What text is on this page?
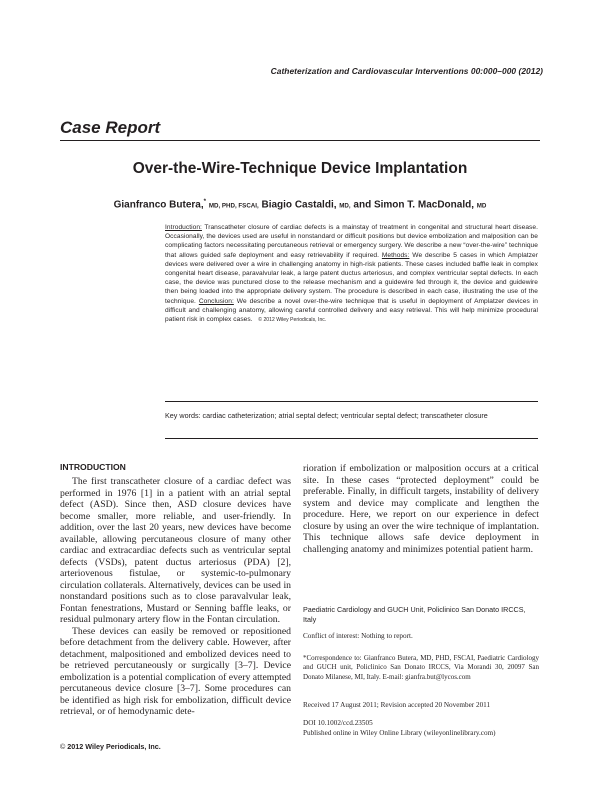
Catheterization and Cardiovascular Interventions 00:000–000 (2012)
Case Report
Over-the-Wire-Technique Device Implantation
Gianfranco Butera,* MD, PHD, FSCAI, Biagio Castaldi, MD, and Simon T. MacDonald, MD
Introduction: Transcatheter closure of cardiac defects is a mainstay of treatment in congenital and structural heart disease. Occasionally, the devices used are useful in nonstandard or difficult positions but device embolization and malposition can be complicating factors necessitating percutaneous retrieval or emergency surgery. We describe a new “over-the-wire” technique that allows guided safe deployment and easy retrievability if required. Methods: We describe 5 cases in which Amplatzer devices were delivered over a wire in challenging anatomy in high-risk patients. These cases included baffle leak in complex congenital heart disease, paravalvular leak, a large patent ductus arteriosus, and complex ventricular septal defects. In each case, the device was punctured close to the release mechanism and a guidewire fed through it, the device and guidewire then being loaded into the appropriate delivery system. The procedure is described in each case, illustrating the use of the technique. Conclusion: We describe a novel over-the-wire technique that is useful in deployment of Amplatzer devices in difficult and challenging anatomy, allowing careful controlled delivery and easy retrieval. This will help minimize procedural patient risk in complex cases. © 2012 Wiley Periodicals, Inc.
Key words: cardiac catheterization; atrial septal defect; ventricular septal defect; transcatheter closure
INTRODUCTION

The first transcatheter closure of a cardiac defect was performed in 1976 [1] in a patient with an atrial septal defect (ASD). Since then, ASD closure devices have become smaller, more reliable, and user-friendly. In addition, over the last 20 years, new devices have become available, allowing percutaneous closure of many other cardiac and extracardiac defects such as ventricular septal defects (VSDs), patent ductus arteriosus (PDA) [2], arteriovenous fistulae, or systemic-to-pulmonary circulation collaterals. Alternatively, devices can be used in nonstandard positions such as to close paravalvular leak, Fontan fenestrations, Mustard or Senning baffle leaks, or residual pulmonary artery flow in the Fontan circulation.

These devices can easily be removed or repositioned before detachment from the delivery cable. However, after detachment, malpositioned and embolized devices need to be retrieved percutaneously or surgically [3–7]. Device embolization is a potential complication of every attempted percutaneous device closure [3–7]. Some procedures can be identified as high risk for embolization, difficult device retrieval, or of hemodynamic dete-

rioration if embolization or malposition occurs at a critical site. In these cases “protected deployment” could be preferable. Finally, in difficult targets, instability of delivery system and device may complicate and lengthen the procedure. Here, we report on our experience in defect closure by using an over the wire technique of implantation. This technique allows safe device deployment in challenging anatomy and minimizes potential patient harm.

Paediatric Cardiology and GUCH Unit, Policlinico San Donato IRCCS, Italy
Conflict of interest: Nothing to report.
*Correspondence to: Gianfranco Butera, MD, PHD, FSCAI, Paediatric Cardiology and GUCH unit, Policlinico San Donato IRCCS, Via Morandi 30, 20097 San Donato Milanese, MI, Italy. E-mail: gianfra.but@lycos.com
Received 17 August 2011; Revision accepted 20 November 2011
DOI 10.1002/ccd.23505
Published online in Wiley Online Library (wileyonlinelibrary.com)
© 2012 Wiley Periodicals, Inc.
